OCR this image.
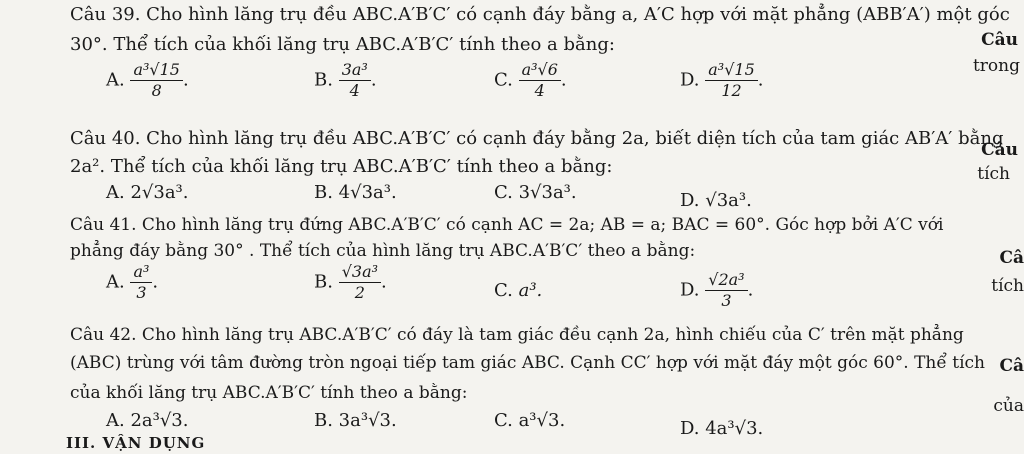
Câu 39. Cho hình lăng trụ đều ABC.A′B′C′ có cạnh đáy bằng a, A′C hợp với mặt phẳng (ABB′A′) một góc
30°. Thể tích của khối lăng trụ ABC.A′B′C′ tính theo a bằng:
A. $\frac{\text{a³√15}}{8}$ .	B. $\frac{\text{3a³}}{4}$ .	C. $\frac{\text{a³√6}}{4}$ .	D. $\frac{\text{a³√15}}{12}$ .
Câu 40. Cho hình lăng trụ đều ABC.A′B′C′ có cạnh đáy bằng 2a, biết diện tích của tam giác AB′A′ bằng
2a². Thể tích của khối lăng trụ ABC.A′B′C′ tính theo a bằng:
A. 2√3a³.	B. 4√3a³.	C. 3√3a³.	D. √3a³.
Câu 41. Cho hình lăng trụ đứng ABC.A′B′C′ có cạnh AC = 2a; AB = a; BAC = 60°. Góc hợp bởi A′C với
phẳng đáy bằng 30° . Thể tích của hình lăng trụ ABC.A′B′C′ theo a bằng:
A. $\frac{\text{a³}}{3}$ .	B. $\frac{\text{√3a³}}{2}$ .	C. a³.	D. $\frac{\text{√2a³}}{3}$ .
Câu 42. Cho hình lăng trụ ABC.A′B′C′ có đáy là tam giác đều cạnh 2a, hình chiếu của C′ trên mặt phẳng
(ABC) trùng với tâm đường tròn ngoại tiếp tam giác ABC. Cạnh CC′ hợp với mặt đáy một góc 60°. Thể tích
của khối lăng trụ ABC.A′B′C′ tính theo a bằng:
A. 2a³√3.	B. 3a³√3.	C. a³√3.	D. 4a³√3.
III. VẬN DỤNG
Câu
trong
Câu
tích
Câ
tích
Câ
của
